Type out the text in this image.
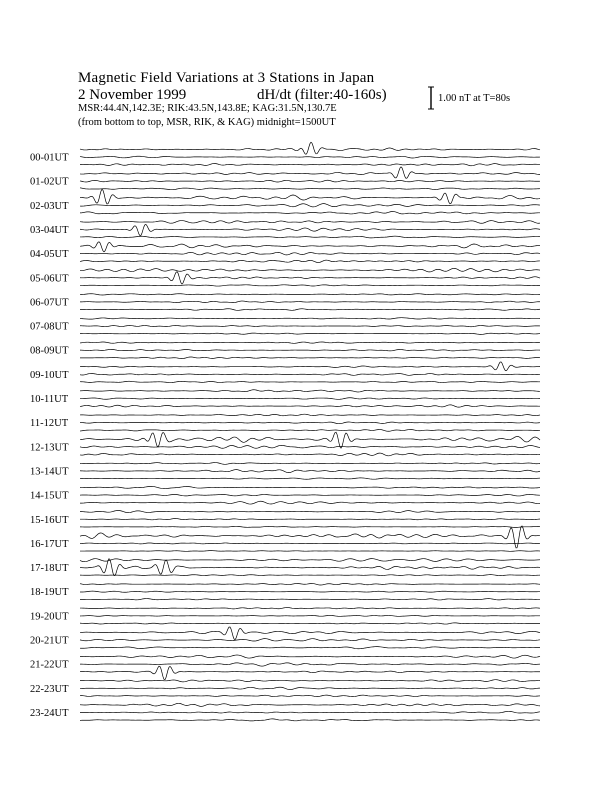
Magnetic Field Variations at 3 Stations in Japan
2 November 1999	dH/dt (filter:40-160s)
MSR:44.4N,142.3E; RIK:43.5N,143.8E; KAG:31.5N,130.7E
(from bottom to top, MSR, RIK, & KAG) midnight=1500UT
1.00 nT at T=80s
00-01UT
01-02UT
02-03UT
03-04UT
04-05UT
05-06UT
06-07UT
07-08UT
08-09UT
09-10UT
10-11UT
11-12UT
12-13UT
13-14UT
14-15UT
15-16UT
16-17UT
17-18UT
18-19UT
19-20UT
20-21UT
21-22UT
22-23UT
23-24UT
